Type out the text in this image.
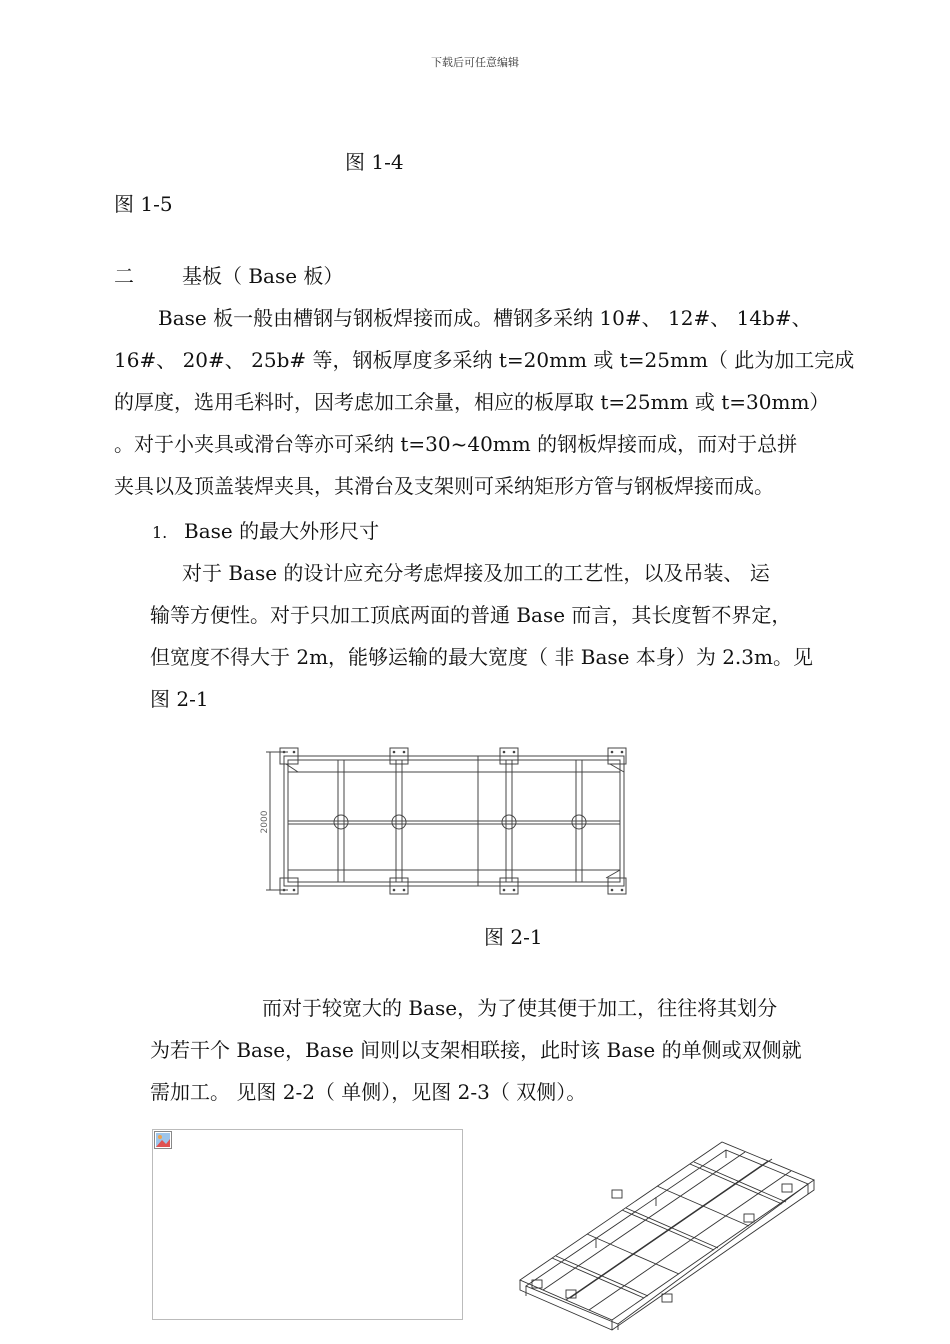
下载后可任意编辑
图 1-4
图 1-5
二 基板（ Base 板）
Base 板一般由槽钢与钢板焊接而成。槽钢多采纳 10#、 12#、 14b#、
16#、 20#、 25b# 等，钢板厚度多采纳 t=20mm 或 t=25mm（ 此为加工完成
的厚度，选用毛料时，因考虑加工余量，相应的板厚取 t=25mm 或 t=30mm）
。对于小夹具或滑台等亦可采纳 t=30~40mm 的钢板焊接而成，而对于总拼
夹具以及顶盖装焊夹具，其滑台及支架则可采纳矩形方管与钢板焊接而成。
1. Base 的最大外形尺寸
对于 Base 的设计应充分考虑焊接及加工的工艺性，以及吊装、 运
输等方便性。对于只加工顶底两面的普通 Base 而言，其长度暂不界定，
但宽度不得大于 2m，能够运输的最大宽度（ 非 Base 本身）为 2.3m。见
图 2-1
2000
图 2-1
而对于较宽大的 Base，为了使其便于加工，往往将其划分
为若干个 Base，Base 间则以支架相联接，此时该 Base 的单侧或双侧就
需加工。 见图 2-2（ 单侧），见图 2-3（ 双侧）。
